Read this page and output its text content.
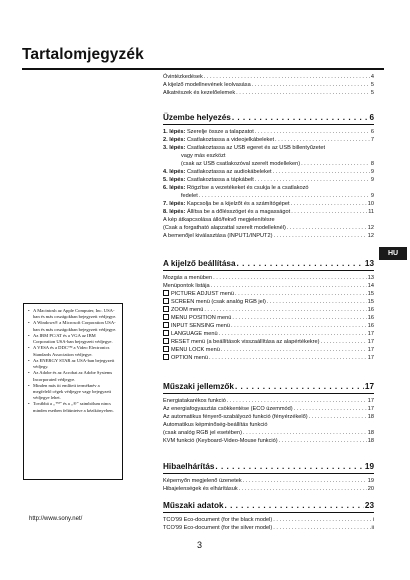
Tartalomjegyzék
HU
Óvintézkedések . . .	4
A kijelző modellnevének leolvasása . . .	5
Alkatrészek és kezelőelemek . . .	5
Üzembe helyezés . . .	6
1. lépés: Szerelje össze a talapzatot . . .	6
2. lépés: Csatlakoztassa a videojelkábeleket . . .	7
3. lépés: Csatlakoztassa az USB egeret és az USB billentyűzetet
vagy más eszközt
(csak az USB csatlakozóval szerelt modelleken) . . .	8
4. lépés: Csatlakoztassa az audiokábeleket . . .	9
5. lépés: Csatlakoztassa a tápkábelt . . .	9
6. lépés: Rögzítse a vezetékeket és csukja le a csatlakozó
fedelet . . .	9
7. lépés: Kapcsolja be a kijelzőt és a számítógépet . . .	10
8. lépés: Állítsa be a dőlésszöget és a magasságot . . .	11
A kép átkapcsolása álló/fekvő megjelenítésre
(Csak a forgatható alapzattal szerelt modelleknél) . . .	12
A bemenőjel kiválasztása (INPUT1/INPUT2) . . .	12
A kijelző beállítása . . .	13
Mozgás a menüben . . .	13
Menüpontok listája . . .	14
PICTURE ADJUST menü . . .	15
SCREEN menü (csak analóg RGB jel) . . .	15
ZOOM menü . . .	16
MENU POSITION menü . . .	16
INPUT SENSING menü . . .	16
LANGUAGE menü . . .	17
RESET menü (a beállítások visszaállítása az alapértékekre) . . .	17
MENU LOCK menü . . .	17
OPTION menü . . .	17
Műszaki jellemzők . . .	17
Energiatakarékos funkció . . .	17
Az energiafogyasztás csökkentése (ECO üzemmód) . . .	17
Az automatikus fényerő-szabályozó funkció (fényérzékelő) . . .	18
Automatikus képminőség-beállítás funkció
(csak analóg RGB jel esetében) . . .	18
KVM funkció (Keyboard-Video-Mouse funkció) . . .	18
Hibaelhárítás . . .	19
Képernyőn megjelenő üzenetek . . .	19
Hibajelenségek és elhárításuk . . .	20
Műszaki adatok . . .	23
TCO'99 Eco-document (for the black model) . . .	i
TCO'99 Eco-document (for the silver model) . . .	ii
• A Macintosh az Apple Computer, Inc. USA-ban és más országokban bejegyzett védjegye.
• A Windows® a Microsoft Corporation USA-ban és más országokban bejegyzett védjegye.
• Az IBM PC/AT és a VGA az IBM Corporation USA-ban bejegyzett védjegye.
• A VESA és a DDC™ a Video Electronics Standards Association védjegye.
• Az ENERGY STAR az USA-ban bejegyzett védjegy.
• Az Adobe és az Acrobat az Adobe Systems Incorporated védjegye.
• Minden más itt említett terméknév a megfelelő cégek védjegye vagy bejegyzett védjegye lehet.
• Továbbá a „™” és a „®” szimbólum nincs minden esetben feltüntetve a kézikönyvben.
http://www.sony.net/
3
